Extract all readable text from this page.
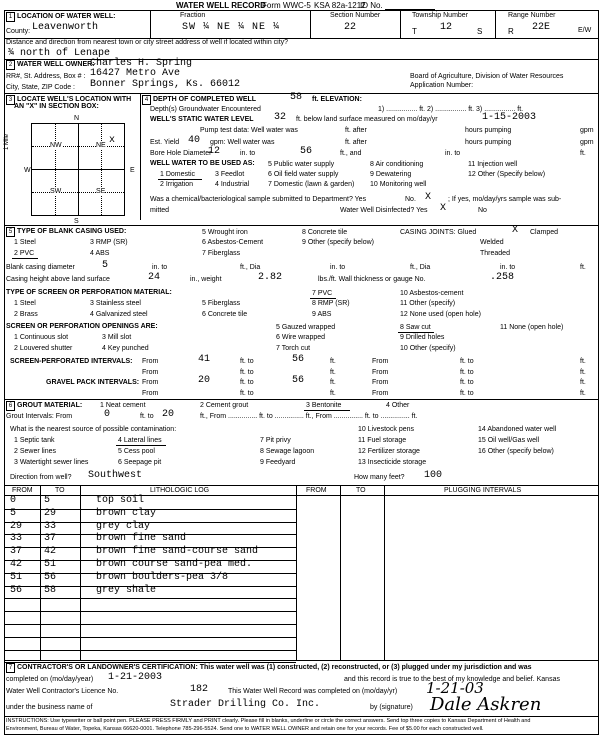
WATER WELL RECORD
Form WWC-5 KSA 82a-1212
ID No.
1 LOCATION OF WATER WELL:	Fraction	Section Number	Township Number	Range Number
County: Leavenworth	SW ¼ NE ¼ NE ¼	22	T 12	S	R 22E	E/W
Distance and direction from nearest town or city street address of well if located within city?
¾ north of Lenape
2 WATER WELL OWNER:
Charles H. Spring
RR#, St. Address, Box # : 16427 Metro Ave
City, State, ZIP Code : Bonner Springs, Ks. 66012
Board of Agriculture, Division of Water Resources
Application Number:
3 LOCATE WELL'S LOCATION WITH
AN "X" IN SECTION BOX:
N
S
W	E
1 Mile	NW	NE x
SW	SE
4 DEPTH OF COMPLETED WELL	58 ft. ELEVATION:
Depth(s) Groundwater Encountered	1) ................ ft. 2) ................ ft. 3) ................ ft.
WELL'S STATIC WATER LEVEL 32 ft. below land surface measured on mo/day/yr	1-15-2003
Pump test data: Well water was	ft. after	hours pumping	gpm
Est. Yield 40 gpm: Well water was	ft. after	hours pumping	gpm
Bore Hole Diameter
12	in. to	56	ft., and	in. to	ft.
WELL WATER TO BE USED AS:
1 Domestic	3 Feedlot
5 Public water supply	8 Air conditioning	11 Injection well
2 Irrigation	4 Industrial
6 Oil field water supply	9 Dewatering	12 Other (Specify below)
7 Domestic (lawn & garden) 10 Monitoring well
Was a chemical/bacteriological sample submitted to Department? Yes	No. X ; If yes, mo/day/yrs sample was sub-
mitted	Water Well Disinfected? Yes X	No
5 TYPE OF BLANK CASING USED:
1 Steel	3 RMP (SR)
5 Wrought iron	8 Concrete tile
2 PVC	4 ABS
6 Asbestos-Cement	9 Other (specify below)
7 Fiberglass
CASING JOINTS: Glued	X Clamped
Welded
Threaded
Blank casing diameter	5	in. to	ft., Dia	in. to	ft., Dia	in. to	ft.
Casing height above land surface	24	in., weight	2.82	lbs./ft. Wall thickness or gauge No.	.258
TYPE OF SCREEN OR PERFORATION MATERIAL:
1 Steel	3 Stainless steel	5 Fiberglass
7 PVC	10 Asbestos-cement
2 Brass	4 Galvanized steel	6 Concrete tile
8 RMP (SR)	11 Other (specify)
9 ABS	12 None used (open hole)
SCREEN OR PERFORATION OPENINGS ARE:
1 Continuous slot	3 Mill slot
5 Gauzed wrapped	8 Saw cut	11 None (open hole)
2 Louvered shutter	4 Key punched
6 Wire wrapped	9 Drilled holes
7 Torch cut	10 Other (specify)
SCREEN-PERFORATED INTERVALS: From	41	ft. to	56	ft.	From	ft. to	ft.
From	ft. to	ft.	From	ft. to	ft.
GRAVEL PACK INTERVALS: From	20	ft. to	56	ft.	From	ft. to	ft.
From	ft. to	ft.	From	ft. to	ft.
6 GROUT MATERIAL:	1 Neat cement	2 Cement grout	3 Bentonite	4 Other
Grout Intervals: From	0	ft. to 20	ft., From ............... ft. to ............... ft., From ............... ft. to ............... ft.
What is the nearest source of possible contamination:	10 Livestock pens	14 Abandoned water well
1 Septic tank	4 Lateral lines	7 Pit privy	11 Fuel storage	15 Oil well/Gas well
2 Sewer lines	5 Cess pool	8 Sewage lagoon	12 Fertilizer storage	16 Other (specify below)
3 Watertight sewer lines	6 Seepage pit	9 Feedyard	13 Insecticide storage
Direction from well? Southwest	How many feet? 100
FROM	TO	LITHOLOGIC LOG	FROM	TO	PLUGGING INTERVALS
0	5	top soil
5	29	brown clay
29 33	grey clay
33 37	brown fine sand
37 42	brown fine sand-course sand
42 51	brown course sand-pea med.
51 56	brown boulders-pea 3/8
56 58	grey shale
7 CONTRACTOR'S OR LANDOWNER'S CERTIFICATION: This water well was (1) constructed, (2) reconstructed, or (3) plugged under my jurisdiction and was
completed on (mo/day/year) 1-21-2003	and this record is true to the best of my knowledge and belief. Kansas
Water Well Contractor's Licence No.	182	This Water Well Record was completed on (mo/day/yr) 1-21-03
under the business name of	Strader Drilling Co. Inc.	by (signature) Dale Askren
INSTRUCTIONS: Use typewriter or ball point pen. PLEASE PRESS FIRMLY and PRINT clearly. Please fill in blanks, underline or circle the correct answers. Send top three copies to Kansas Department of Health and
Environment, Bureau of Water, Topeka, Kansas 66620-0001. Telephone 785-296-5524. Send one to WATER WELL OWNER and retain one for your records. Fee of $5.00 for each constructed well.
